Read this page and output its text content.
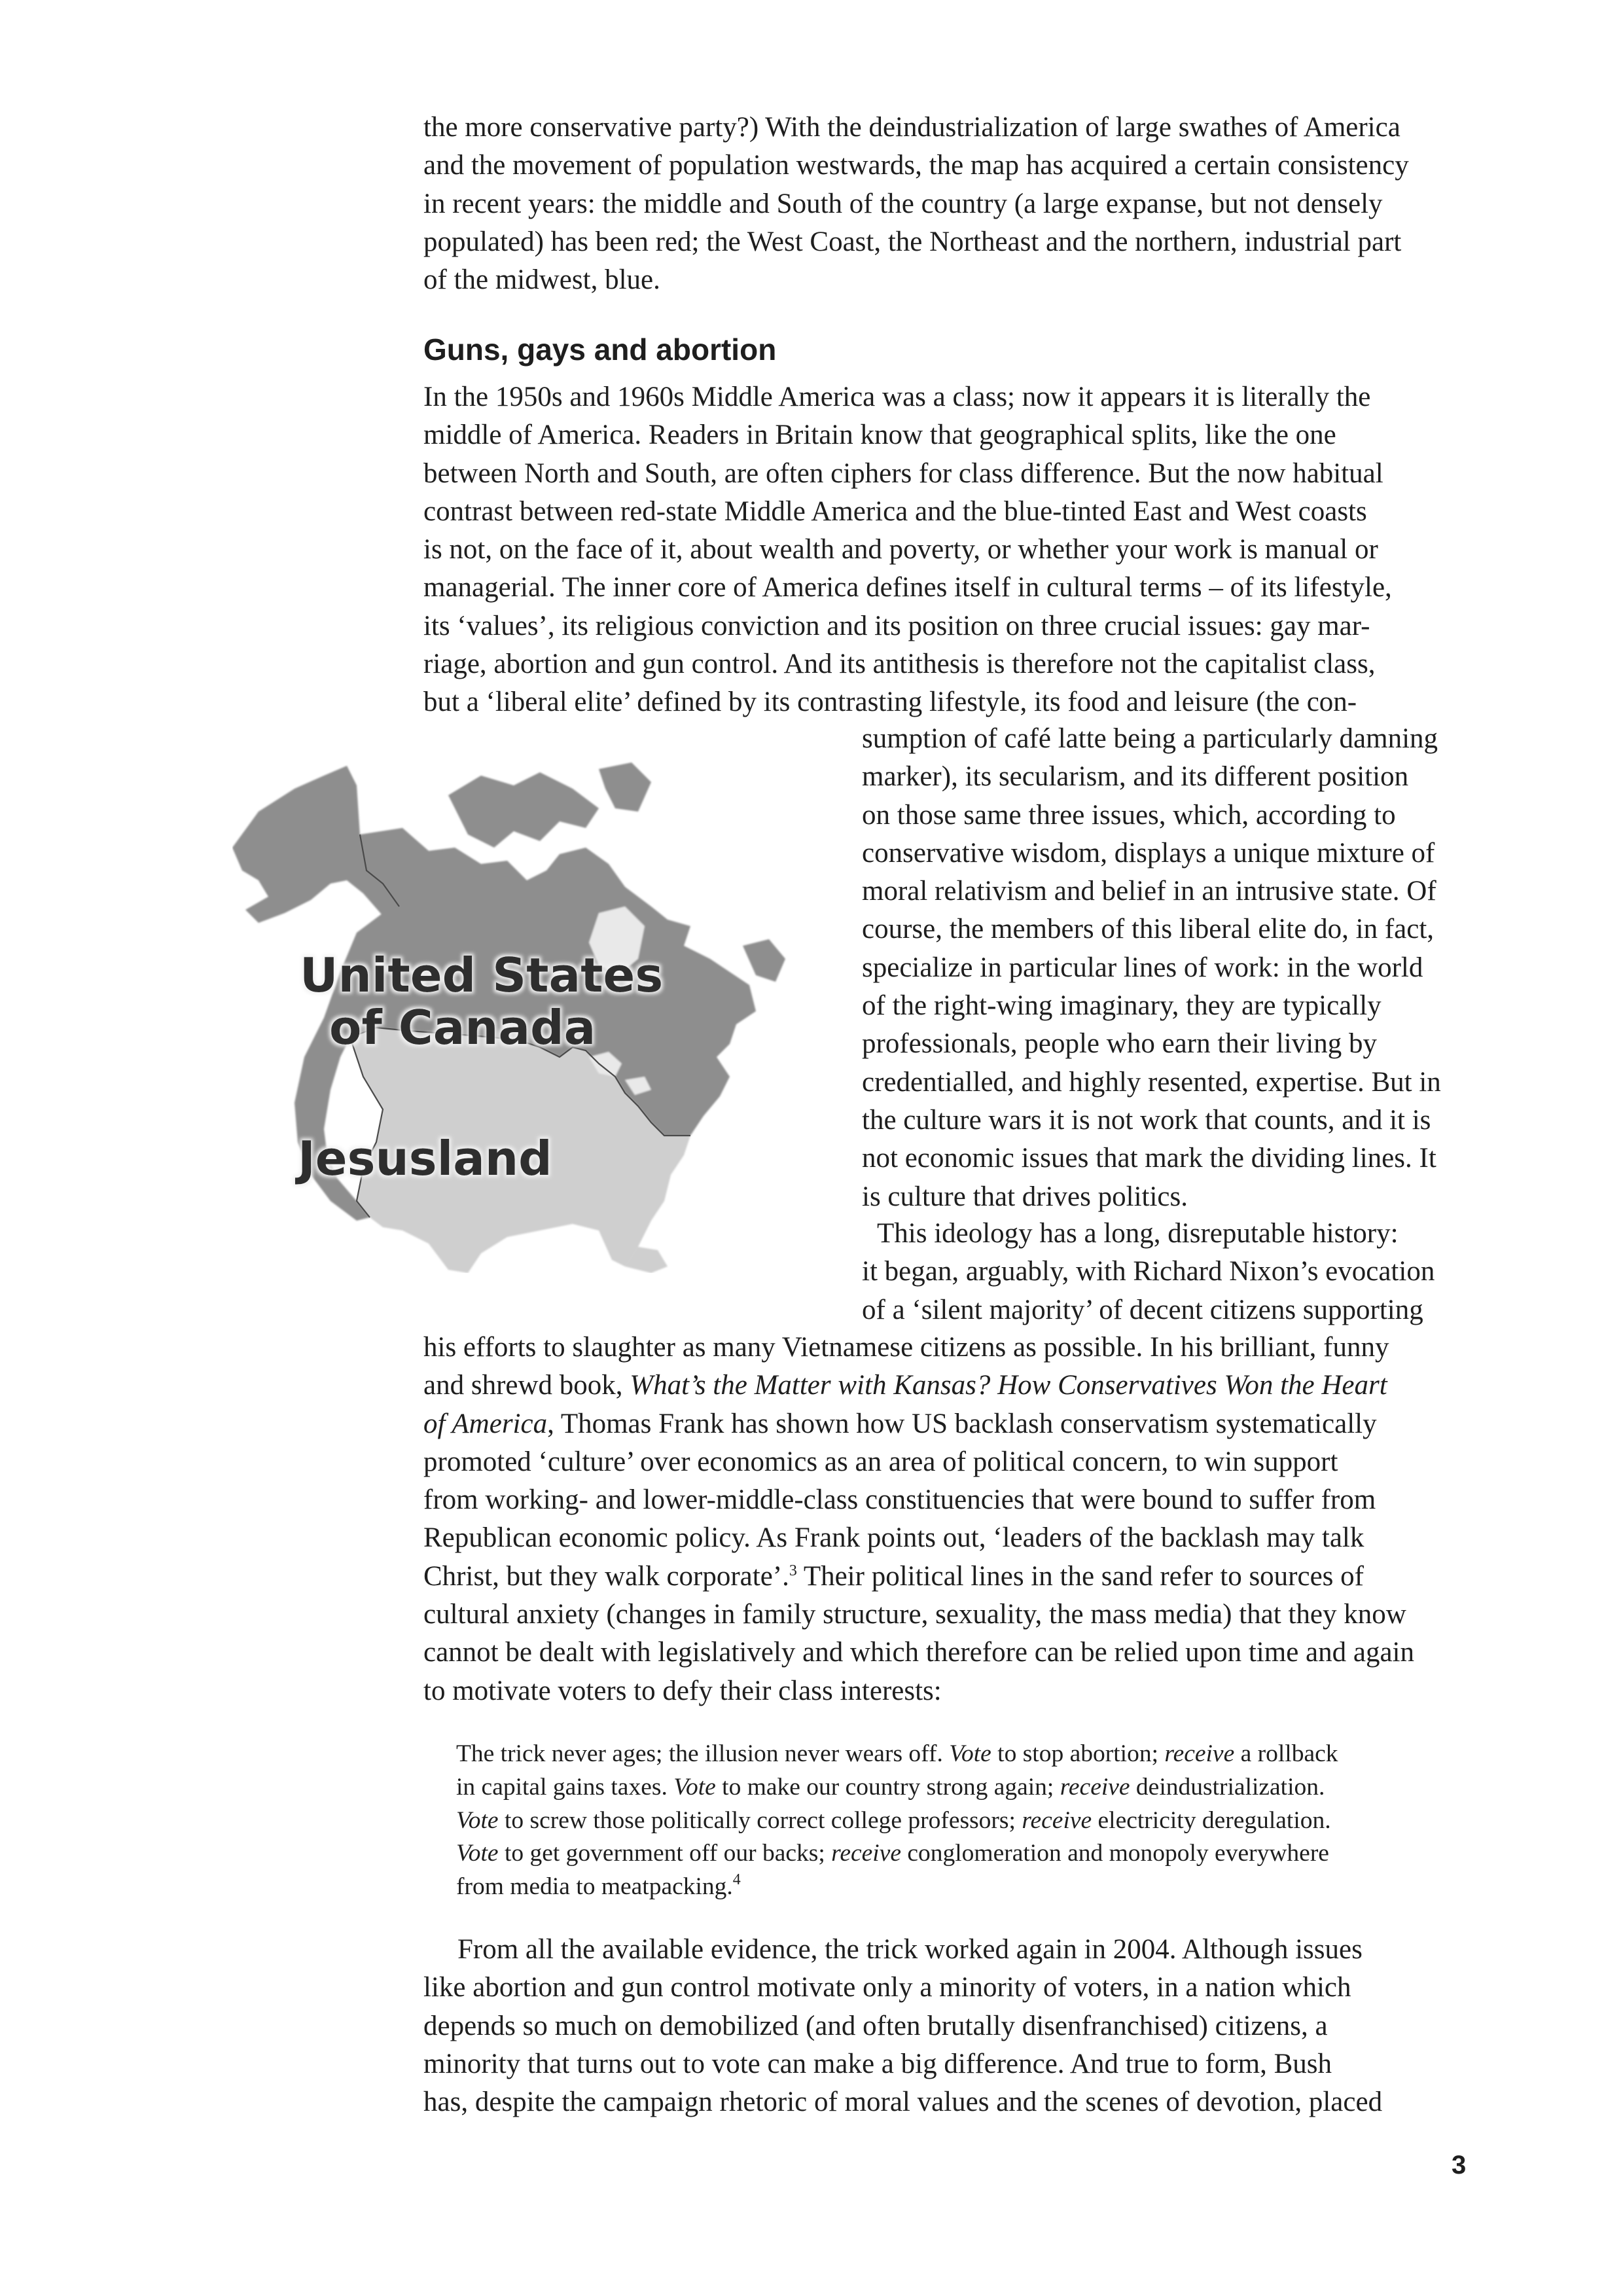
the more conservative party?) With the deindustrialization of large swathes of America
and the movement of population westwards, the map has acquired a certain consistency
in recent years: the middle and South of the country (a large expanse, but not densely
populated) has been red; the West Coast, the Northeast and the northern, industrial part
of the midwest, blue.
Guns, gays and abortion
In the 1950s and 1960s Middle America was a class; now it appears it is literally the
middle of America. Readers in Britain know that geographical splits, like the one
between North and South, are often ciphers for class difference. But the now habitual
contrast between red-state Middle America and the blue-tinted East and West coasts
is not, on the face of it, about wealth and poverty, or whether your work is manual or
managerial. The inner core of America defines itself in cultural terms – of its lifestyle,
its ‘values’, its religious conviction and its position on three crucial issues: gay mar-
riage, abortion and gun control. And its antithesis is therefore not the capitalist class,
but a ‘liberal elite’ defined by its contrasting lifestyle, its food and leisure (the con-
sumption of café latte being a particularly damning
marker), its secularism, and its different position
on those same three issues, which, according to
conservative wisdom, displays a unique mixture of
moral relativism and belief in an intrusive state. Of
course, the members of this liberal elite do, in fact,
specialize in particular lines of work: in the world
of the right-wing imaginary, they are typically
professionals, people who earn their living by
credentialled, and highly resented, expertise. But in
the culture wars it is not work that counts, and it is
not economic issues that mark the dividing lines. It
is culture that drives politics.
United States
of Canada
Jesusland
This ideology has a long, disreputable history:
it began, arguably, with Richard Nixon’s evocation
of a ‘silent majority’ of decent citizens supporting
his efforts to slaughter as many Vietnamese citizens as possible. In his brilliant, funny
and shrewd book, What’s the Matter with Kansas? How Conservatives Won the Heart
of America, Thomas Frank has shown how US backlash conservatism systematically
promoted ‘culture’ over economics as an area of political concern, to win support
from working- and lower-middle-class constituencies that were bound to suffer from
Republican economic policy. As Frank points out, ‘leaders of the backlash may talk
Christ, but they walk corporate’.$^3$ Their political lines in the sand refer to sources of
cultural anxiety (changes in family structure, sexuality, the mass media) that they know
cannot be dealt with legislatively and which therefore can be relied upon time and again
to motivate voters to defy their class interests:
The trick never ages; the illusion never wears off. Vote to stop abortion; receive a rollback
in capital gains taxes. Vote to make our country strong again; receive deindustrialization.
Vote to screw those politically correct college professors; receive electricity deregulation.
Vote to get government off our backs; receive conglomeration and monopoly everywhere
from media to meatpacking.$^4$
From all the available evidence, the trick worked again in 2004. Although issues
like abortion and gun control motivate only a minority of voters, in a nation which
depends so much on demobilized (and often brutally disenfranchised) citizens, a
minority that turns out to vote can make a big difference. And true to form, Bush
has, despite the campaign rhetoric of moral values and the scenes of devotion, placed
3
